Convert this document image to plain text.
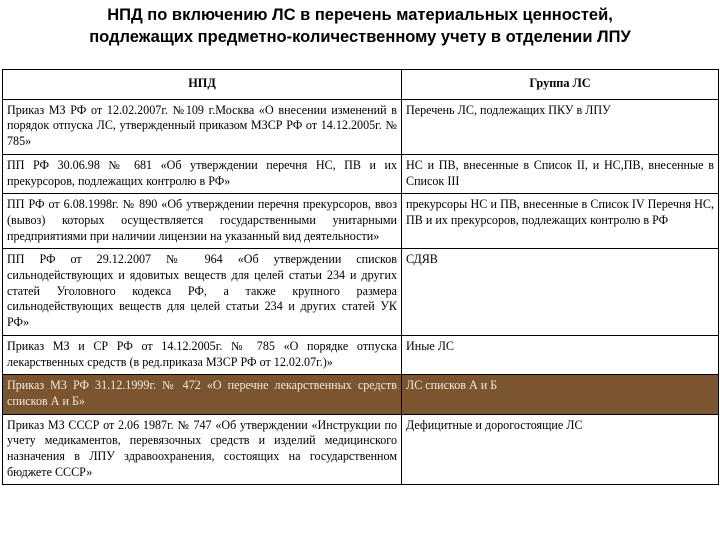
НПД по включению ЛС в перечень материальных ценностей,
подлежащих предметно-количественному учету в отделении ЛПУ
НПД	Группа ЛС
Приказ МЗ РФ от 12.02.2007г. №109 г.Москва «О внесении изменений в порядок отпуска ЛС, утвержденный приказом МЗСР РФ от 14.12.2005г. № 785»	Перечень ЛС, подлежащих ПКУ в ЛПУ
ПП РФ 30.06.98 № 681 «Об утверждении перечня НС, ПВ и их прекурсоров, подлежащих контролю в РФ»	НС и ПВ, внесенные в Список II, и НС,ПВ, внесенные в Список III
ПП РФ от 6.08.1998г. № 890 «Об утверждении перечня прекурсоров, ввоз (вывоз) которых осуществляется государственными унитарными предприятиями при наличии лицензии на указанный вид деятельности»	прекурсоры НС и ПВ, внесенные в Список IV Перечня НС, ПВ и их прекурсоров, подлежащих контролю в РФ
ПП РФ от 29.12.2007 № 964 «Об утверждении списков сильнодействующих и ядовитых веществ для целей статьи 234 и других статей Уголовного кодекса РФ, а также крупного размера сильнодействующих веществ для целей статьи 234 и других статей УК РФ»	СДЯВ
Приказ МЗ и СР РФ от 14.12.2005г. № 785 «О порядке отпуска лекарственных средств (в ред.приказа МЗСР РФ от 12.02.07г.)»	Иные ЛС
Приказ МЗ РФ 31.12.1999г. № 472 «О перечне лекарственных средств списков А и Б»	ЛС списков А и Б
Приказ МЗ СССР от 2.06 1987г. № 747 «Об утверждении «Инструкции по учету медикаментов, перевязочных средств и изделий медицинского назначения в ЛПУ здравоохранения, состоящих на государственном бюджете СССР»	Дефицитные и дорогостоящие ЛС
